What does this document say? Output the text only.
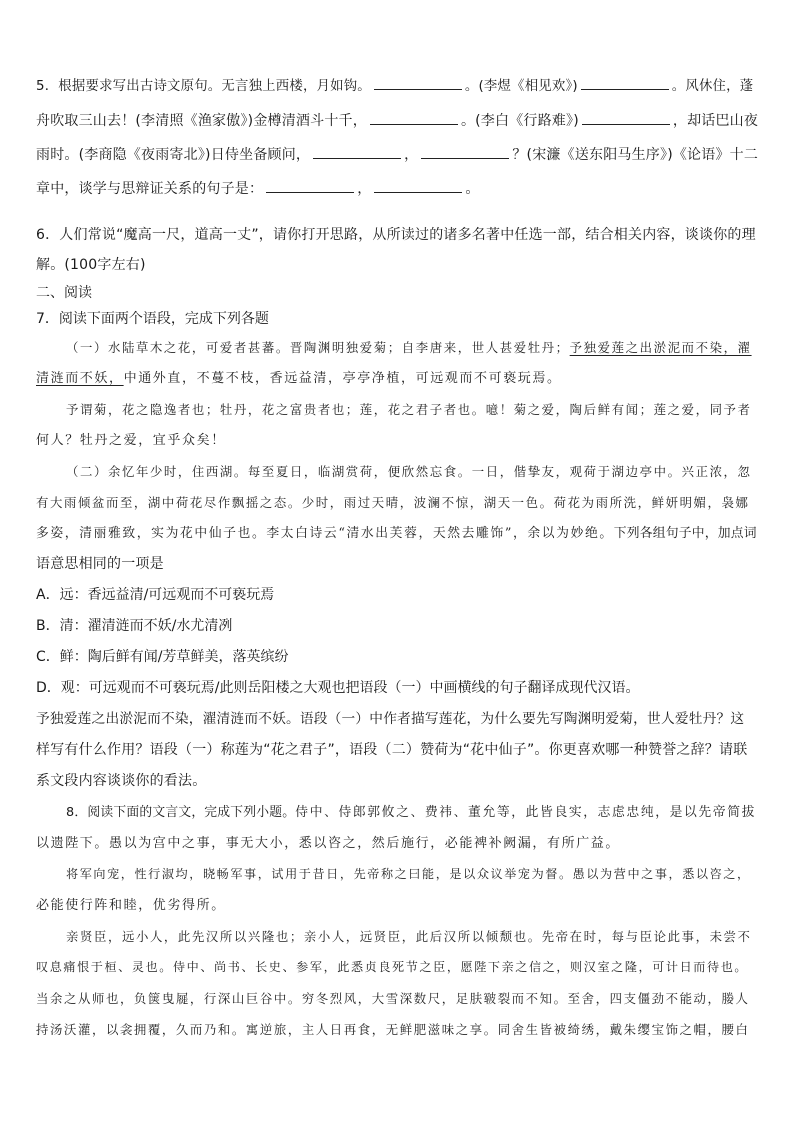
5．根据要求写出古诗文原句。无言独上西楼，月如钩。	。(李煜《相见欢》)	。风休住，蓬
舟吹取三山去！(李清照《渔家傲》)金樽清酒斗十千，	。(李白《行路难》)	，却话巴山夜
雨时。(李商隐《夜雨寄北》)日侍坐备顾问，	，	？(宋濂《送东阳马生序》)《论语》十二
章中，谈学与思辩证关系的句子是：	，	。
6．人们常说“魔高一尺，道高一丈”，请你打开思路，从所读过的诸多名著中任选一部，结合相关内容，谈谈你的理
解。(100字左右)
二、阅读
7．阅读下面两个语段，完成下列各题
（一）水陆草木之花，可爱者甚蕃。晋陶渊明独爱菊；自李唐来，世人甚爱牡丹；予独爱莲之出淤泥而不染，濯
清涟而不妖，中通外直，不蔓不枝，香远益清，亭亭净植，可远观而不可亵玩焉。
予谓菊，花之隐逸者也；牡丹，花之富贵者也；莲，花之君子者也。噫！菊之爱，陶后鲜有闻；莲之爱，同予者
何人？牡丹之爱，宜乎众矣！
（二）余忆年少时，住西湖。每至夏日，临湖赏荷，便欣然忘食。一日，偕挚友，观荷于湖边亭中。兴正浓，忽
有大雨倾盆而至，湖中荷花尽作飘摇之态。少时，雨过天晴，波澜不惊，湖天一色。荷花为雨所洗，鲜妍明媚，袅娜
多姿，清丽雅致，实为花中仙子也。李太白诗云“清水出芙蓉，天然去雕饰”，余以为妙绝。下列各组句子中，加点词
语意思相同的一项是
A．远：香远益清/可远观而不可亵玩焉
B．清：濯清涟而不妖/水尤清冽
C．鲜：陶后鲜有闻/芳草鲜美，落英缤纷
D．观：可远观而不可亵玩焉/此则岳阳楼之大观也把语段（一）中画横线的句子翻译成现代汉语。
予独爱莲之出淤泥而不染，濯清涟而不妖。语段（一）中作者描写莲花，为什么要先写陶渊明爱菊，世人爱牡丹？这
样写有什么作用？语段（一）称莲为“花之君子”，语段（二）赞荷为“花中仙子”。你更喜欢哪一种赞誉之辞？请联
系文段内容谈谈你的看法。
8．阅读下面的文言文，完成下列小题。侍中、侍郎郭攸之、费祎、董允等，此皆良实，志虑忠纯，是以先帝简拔
以遗陛下。愚以为宫中之事，事无大小，悉以咨之，然后施行，必能裨补阙漏，有所广益。
将军向宠，性行淑均，晓畅军事，试用于昔日，先帝称之曰能，是以众议举宠为督。愚以为营中之事，悉以咨之，
必能使行阵和睦，优劣得所。
亲贤臣，远小人，此先汉所以兴隆也；亲小人，远贤臣，此后汉所以倾颓也。先帝在时，每与臣论此事，未尝不
叹息痛恨于桓、灵也。侍中、尚书、长史、参军，此悉贞良死节之臣，愿陛下亲之信之，则汉室之隆，可计日而待也。
当余之从师也，负箧曳屣，行深山巨谷中。穷冬烈风，大雪深数尺，足肤皲裂而不知。至舍，四支僵劲不能动，媵人
持汤沃灌，以衾拥覆，久而乃和。寓逆旅，主人日再食，无鲜肥滋味之享。同舍生皆被绮绣，戴朱缨宝饰之帽，腰白
